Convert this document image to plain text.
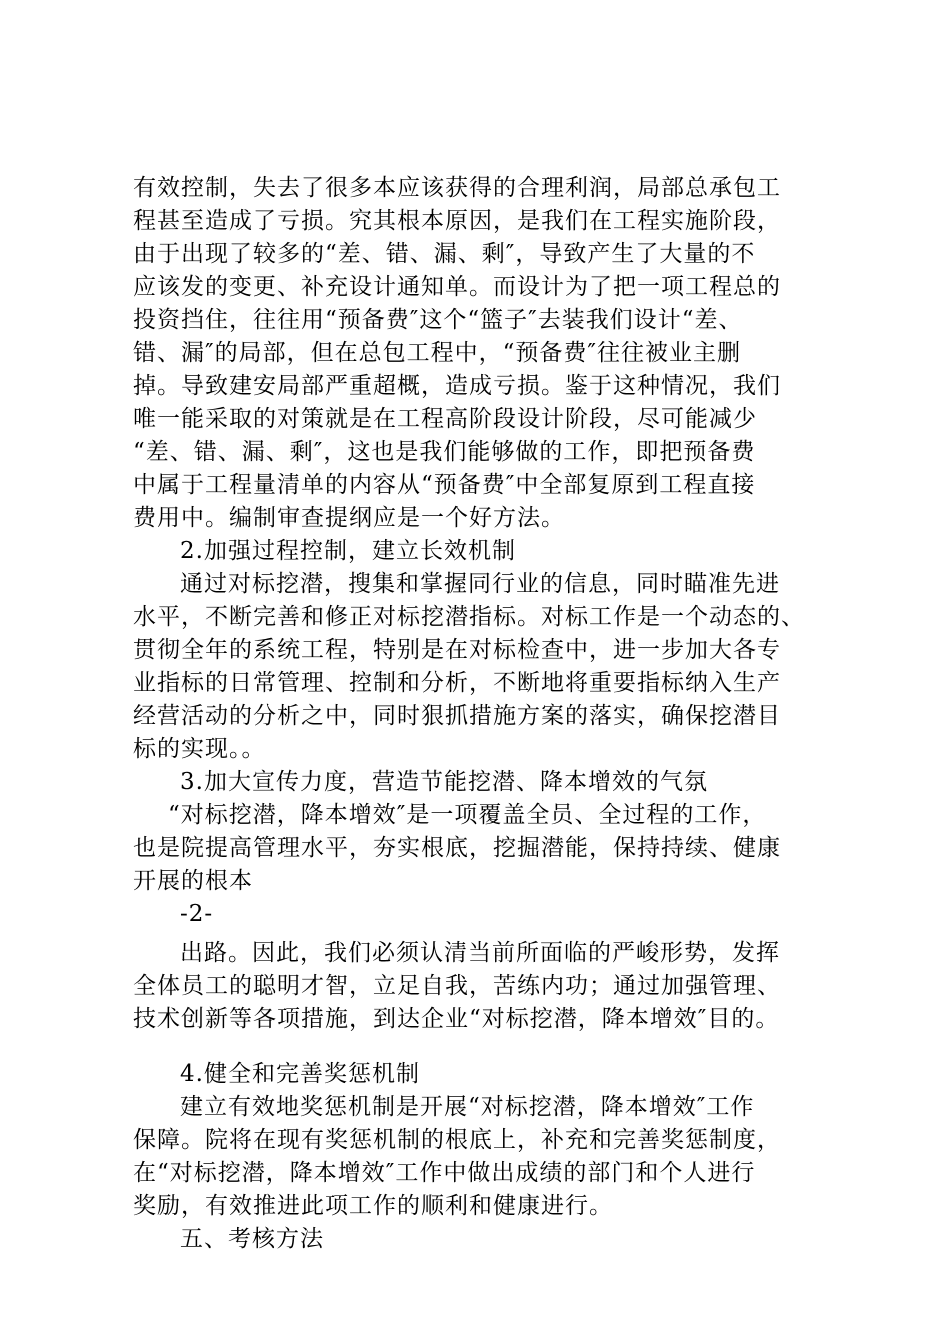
有效控制，失去了很多本应该获得的合理利润，局部总承包工
程甚至造成了亏损。究其根本原因，是我们在工程实施阶段，
由于出现了较多的“差、错、漏、剩″，导致产生了大量的不
应该发的变更、补充设计通知单。而设计为了把一项工程总的
投资挡住，往往用“预备费″这个“篮子″去装我们设计“差、
错、漏″的局部，但在总包工程中，“预备费″往往被业主删
掉。导致建安局部严重超概，造成亏损。鉴于这种情况，我们
唯一能采取的对策就是在工程高阶段设计阶段，尽可能减少
“差、错、漏、剩″，这也是我们能够做的工作，即把预备费
中属于工程量清单的内容从“预备费″中全部复原到工程直接
费用中。编制审查提纲应是一个好方法。
2.加强过程控制，建立长效机制
通过对标挖潜，搜集和掌握同行业的信息，同时瞄准先进
水平，不断完善和修正对标挖潜指标。对标工作是一个动态的、
贯彻全年的系统工程，特别是在对标检查中，进一步加大各专
业指标的日常管理、控制和分析，不断地将重要指标纳入生产
经营活动的分析之中，同时狠抓措施方案的落实，确保挖潜目
标的实现。。
3.加大宣传力度，营造节能挖潜、降本增效的气氛
“对标挖潜，降本增效″是一项覆盖全员、全过程的工作，
也是院提高管理水平，夯实根底，挖掘潜能，保持持续、健康
开展的根本
-2-
出路。因此，我们必须认清当前所面临的严峻形势，发挥
全体员工的聪明才智，立足自我，苦练内功；通过加强管理、
技术创新等各项措施，到达企业“对标挖潜，降本增效″目的。
4.健全和完善奖惩机制
建立有效地奖惩机制是开展“对标挖潜，降本增效″工作
保障。院将在现有奖惩机制的根底上，补充和完善奖惩制度，
在“对标挖潜，降本增效″工作中做出成绩的部门和个人进行
奖励，有效推进此项工作的顺利和健康进行。
五、考核方法
